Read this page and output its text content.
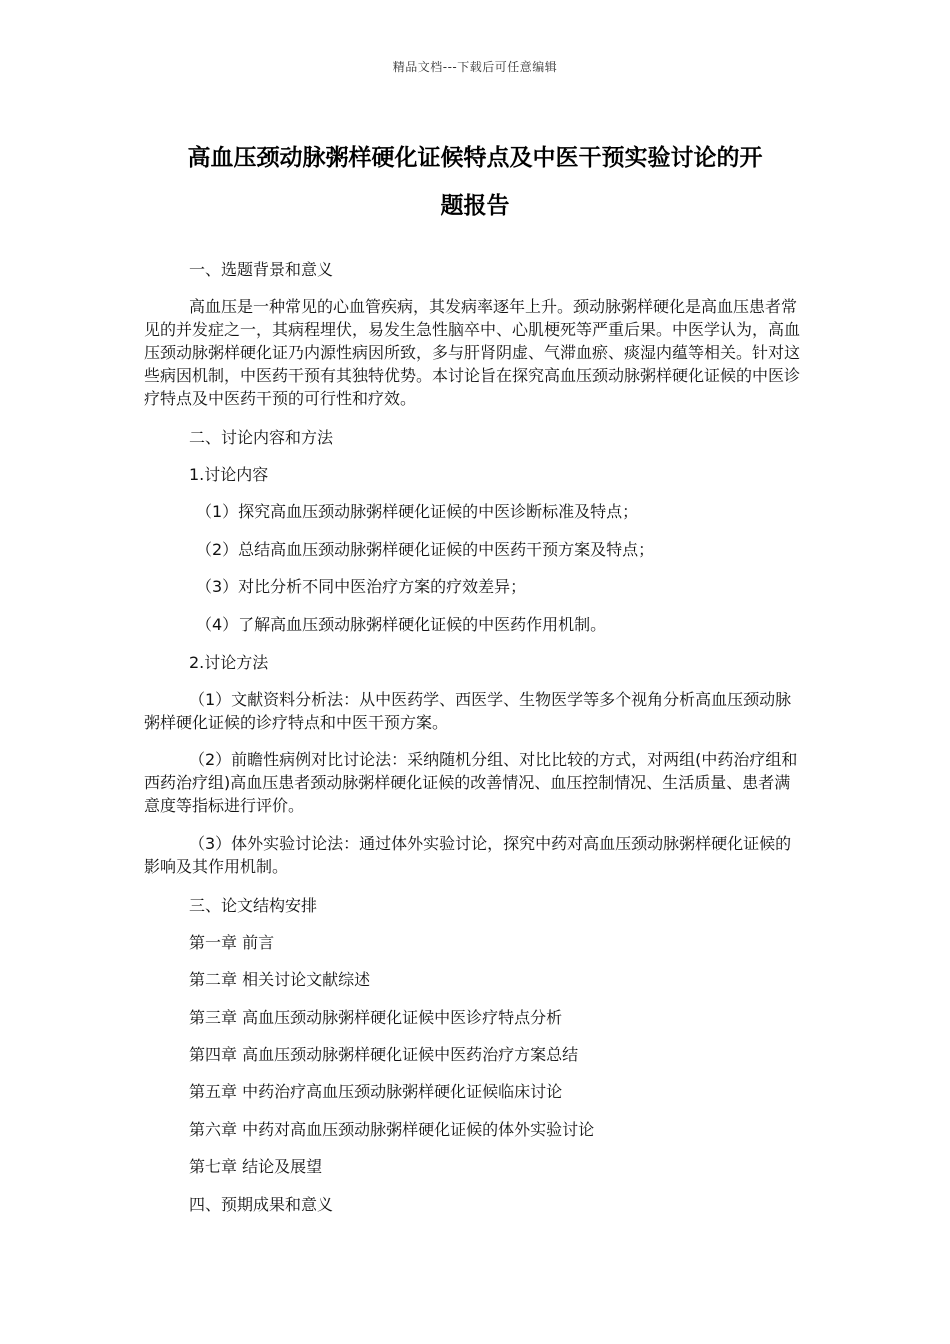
精品文档---下载后可任意编辑
高血压颈动脉粥样硬化证候特点及中医干预实验讨论的开
题报告
一、选题背景和意义

高血压是一种常见的心血管疾病，其发病率逐年上升。颈动脉粥样硬化是高血压患者常见的并发症之一，其病程埋伏，易发生急性脑卒中、心肌梗死等严重后果。中医学认为，高血压颈动脉粥样硬化证乃内源性病因所致，多与肝肾阴虚、气滞血瘀、痰湿内蕴等相关。针对这些病因机制，中医药干预有其独特优势。本讨论旨在探究高血压颈动脉粥样硬化证候的中医诊疗特点及中医药干预的可行性和疗效。

二、讨论内容和方法
1.讨论内容
（1）探究高血压颈动脉粥样硬化证候的中医诊断标准及特点；
（2）总结高血压颈动脉粥样硬化证候的中医药干预方案及特点；
（3）对比分析不同中医治疗方案的疗效差异；
（4）了解高血压颈动脉粥样硬化证候的中医药作用机制。
2.讨论方法

（1）文献资料分析法：从中医药学、西医学、生物医学等多个视角分析高血压颈动脉粥样硬化证候的诊疗特点和中医干预方案。

（2）前瞻性病例对比讨论法：采纳随机分组、对比比较的方式，对两组(中药治疗组和西药治疗组)高血压患者颈动脉粥样硬化证候的改善情况、血压控制情况、生活质量、患者满意度等指标进行评价。

（3）体外实验讨论法：通过体外实验讨论，探究中药对高血压颈动脉粥样硬化证候的影响及其作用机制。

三、论文结构安排
第一章 前言
第二章 相关讨论文献综述
第三章 高血压颈动脉粥样硬化证候中医诊疗特点分析
第四章 高血压颈动脉粥样硬化证候中医药治疗方案总结
第五章 中药治疗高血压颈动脉粥样硬化证候临床讨论
第六章 中药对高血压颈动脉粥样硬化证候的体外实验讨论
第七章 结论及展望
四、预期成果和意义
